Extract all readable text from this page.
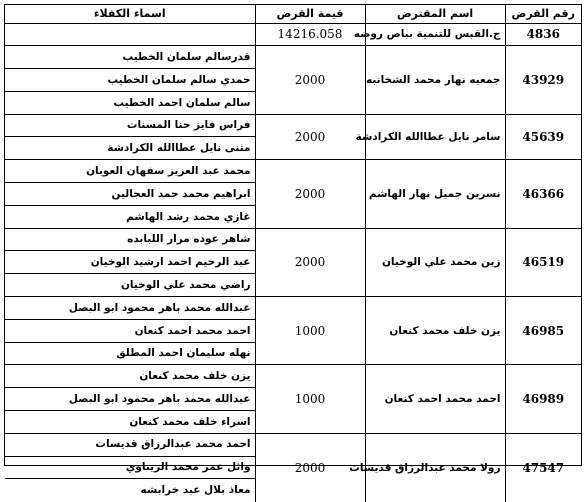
رقم القرض	اسم المقترض	قيمة القرض	اسماء الكفلاء
4836	ج.القبس للتنمية بباص روضه	14216.058	
43929	جمعيه نهار محمد الشخانبه	2000	قدرسالم سلمان الخطيب
			حمدي سالم سلمان الخطيب
			سالم سلمان احمد الخطيب
45639	سامر نايل عطاالله الكرادشة	2000	فراس فايز حنا المسنات
			مثنى نايل عطاالله الكرادشة
46366	نسرين جميل نهار الهاشم	2000	محمد عبد العزيز سفهان العوبان
			ابراهيم محمد حمد العجالين
			غازي محمد رشد الهاشم
46519	زين محمد علي الوخيان	2000	شاهر عوده مرار اللبابده
			عبد الرحيم احمد ارشيد الوخيان
			راضي محمد علي الوخيان
46985	يزن خلف محمد كنعان	1000	عبدالله محمد باهر محمود ابو البصل
			احمد محمد احمد كنعان
			نهله سليمان احمد المطلق
46989	احمد محمد احمد كنعان	1000	يزن خلف محمد كنعان
			عبدالله محمد باهر محمود ابو البصل
			اسراء خلف محمد كنعان
47547	رولا محمد عبدالرزاق قديسات	2000	احمد محمد عبدالرزاق قديسات
			وائل عمر محمد الزيتاوي
			معاذ بلال عبد خرابشه
